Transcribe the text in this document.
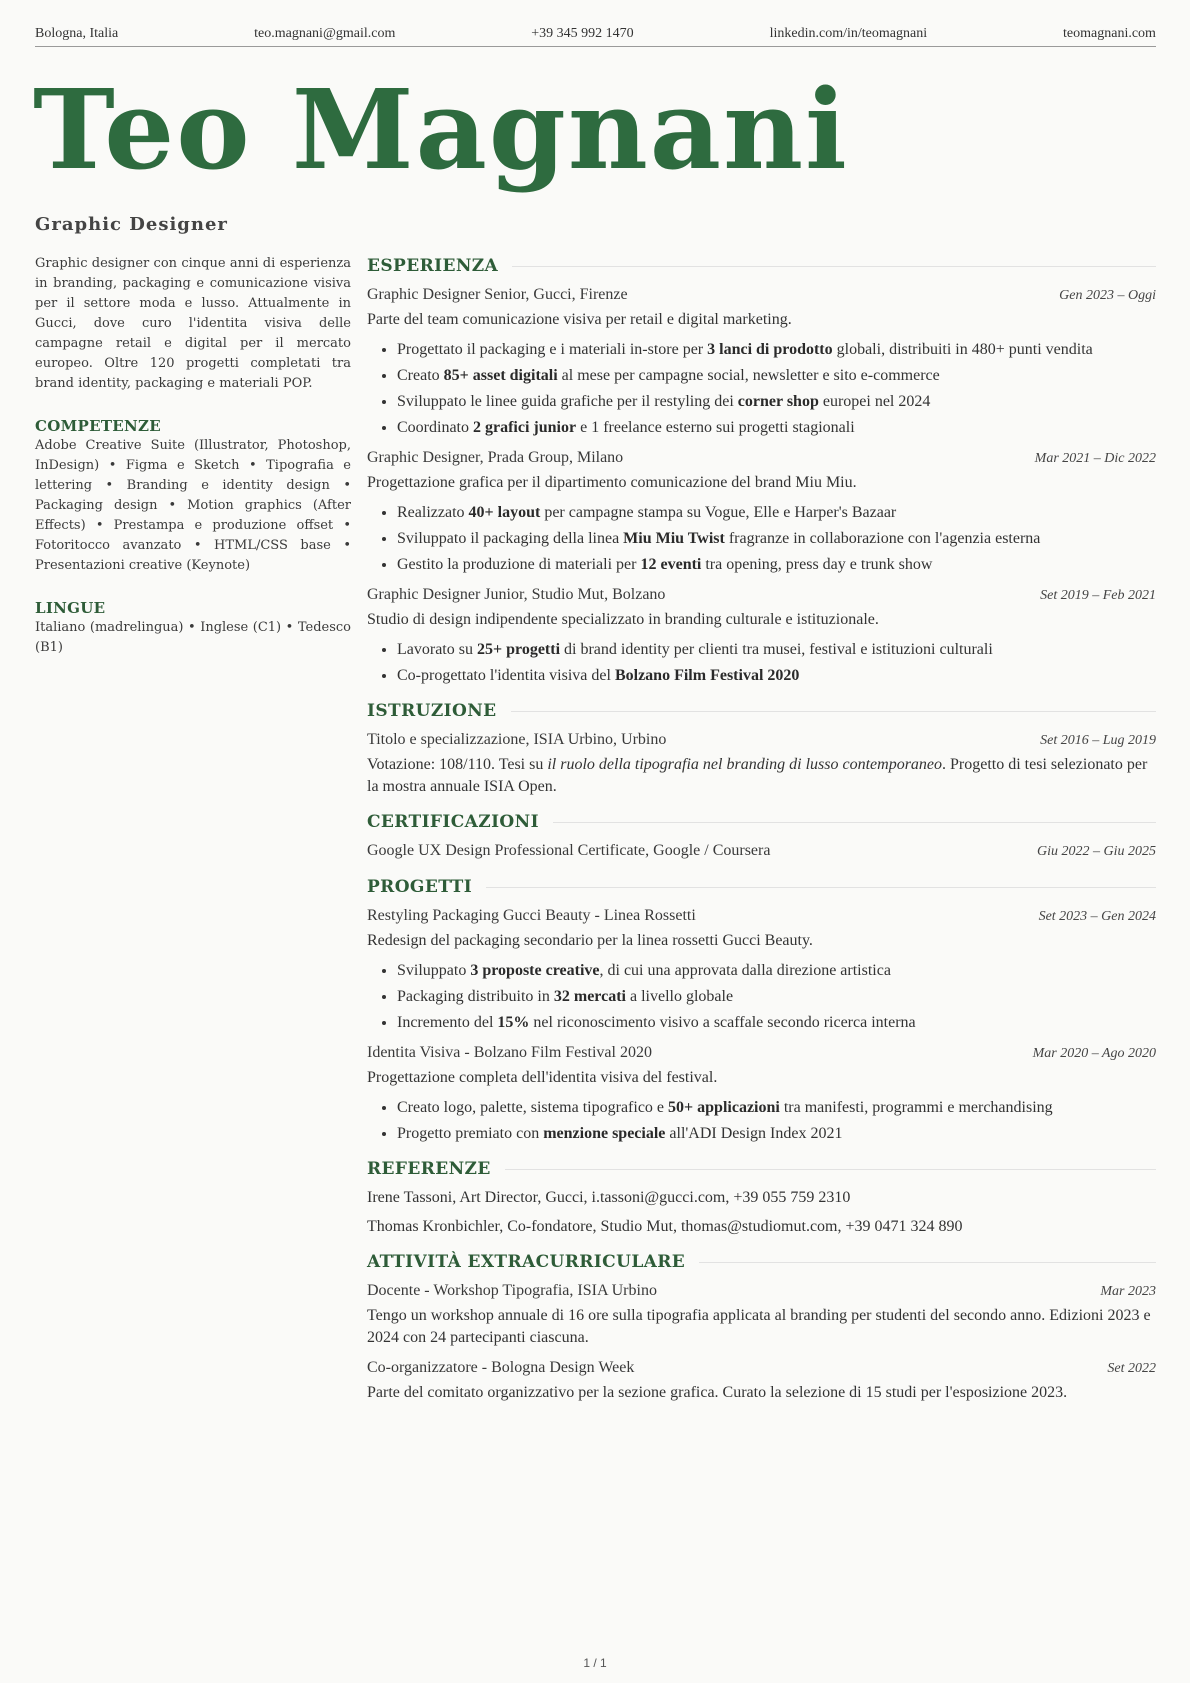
Bologna, Italia	teo.magnani@gmail.com	+39 345 992 1470	linkedin.com/in/teomagnani	teomagnani.com
Teo Magnani
Graphic Designer

Graphic designer con cinque anni di esperienza in branding, packaging e comunicazione visiva per il settore moda e lusso. Attualmente in Gucci, dove curo l'identita visiva delle campagne retail e digital per il mercato europeo. Oltre 120 progetti completati tra brand identity, packaging e materiali POP.

COMPETENZE

Adobe Creative Suite (Illustrator, Photoshop, InDesign) • Figma e Sketch • Tipografia e lettering • Branding e identity design • Packaging design • Motion graphics (After Effects) • Prestampa e produzione offset • Fotoritocco avanzato • HTML/CSS base • Presentazioni creative (Keynote)

LINGUE

Italiano (madrelingua) • Inglese (C1) • Tedesco (B1)

ESPERIENZA
Graphic Designer Senior, Gucci, Firenze	Gen 2023 – Oggi
Parte del team comunicazione visiva per retail e digital marketing.
• Progettato il packaging e i materiali in-store per 3 lanci di prodotto globali, distribuiti in 480+ punti vendita
• Creato 85+ asset digitali al mese per campagne social, newsletter e sito e-commerce
• Sviluppato le linee guida grafiche per il restyling dei corner shop europei nel 2024
• Coordinato 2 grafici junior e 1 freelance esterno sui progetti stagionali
Graphic Designer, Prada Group, Milano	Mar 2021 – Dic 2022
Progettazione grafica per il dipartimento comunicazione del brand Miu Miu.
• Realizzato 40+ layout per campagne stampa su Vogue, Elle e Harper's Bazaar
• Sviluppato il packaging della linea Miu Miu Twist fragranze in collaborazione con l'agenzia esterna
• Gestito la produzione di materiali per 12 eventi tra opening, press day e trunk show
Graphic Designer Junior, Studio Mut, Bolzano	Set 2019 – Feb 2021
Studio di design indipendente specializzato in branding culturale e istituzionale.
• Lavorato su 25+ progetti di brand identity per clienti tra musei, festival e istituzioni culturali
• Co-progettato l'identita visiva del Bolzano Film Festival 2020
ISTRUZIONE
Titolo e specializzazione, ISIA Urbino, Urbino	Set 2016 – Lug 2019
Votazione: 108/110. Tesi su il ruolo della tipografia nel branding di lusso contemporaneo. Progetto di tesi selezionato per la mostra annuale ISIA Open.
CERTIFICAZIONI
Google UX Design Professional Certificate, Google / Coursera	Giu 2022 – Giu 2025
PROGETTI
Restyling Packaging Gucci Beauty - Linea Rossetti	Set 2023 – Gen 2024
Redesign del packaging secondario per la linea rossetti Gucci Beauty.
• Sviluppato 3 proposte creative, di cui una approvata dalla direzione artistica
• Packaging distribuito in 32 mercati a livello globale
• Incremento del 15% nel riconoscimento visivo a scaffale secondo ricerca interna
Identita Visiva - Bolzano Film Festival 2020	Mar 2020 – Ago 2020
Progettazione completa dell'identita visiva del festival.
• Creato logo, palette, sistema tipografico e 50+ applicazioni tra manifesti, programmi e merchandising
• Progetto premiato con menzione speciale all'ADI Design Index 2021
REFERENZE
Irene Tassoni, Art Director, Gucci, i.tassoni@gucci.com, +39 055 759 2310
Thomas Kronbichler, Co-fondatore, Studio Mut, thomas@studiomut.com, +39 0471 324 890
ATTIVITÀ EXTRACURRICULARE
Docente - Workshop Tipografia, ISIA Urbino	Mar 2023
Tengo un workshop annuale di 16 ore sulla tipografia applicata al branding per studenti del secondo anno. Edizioni 2023 e 2024 con 24 partecipanti ciascuna.
Co-organizzatore - Bologna Design Week	Set 2022
Parte del comitato organizzativo per la sezione grafica. Curato la selezione di 15 studi per l'esposizione 2023.
1 / 1
